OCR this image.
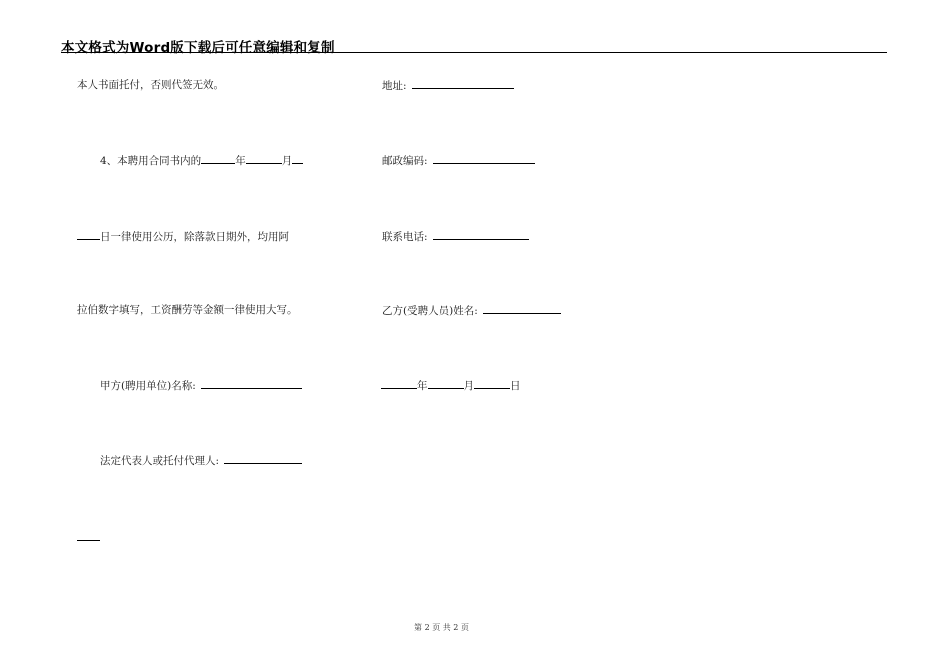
本文格式为Word版下载后可任意编辑和复制
本人书面托付，否则代签无效。
4、本聘用合同书内的	年	月
日一律使用公历，除落款日期外，均用阿
拉伯数字填写，工资酬劳等金额一律使用大写。
甲方(聘用单位)名称:
法定代表人或托付代理人:
地址:
邮政编码:
联系电话:
乙方(受聘人员)姓名:
年	月	日
第 2 页 共 2 页
